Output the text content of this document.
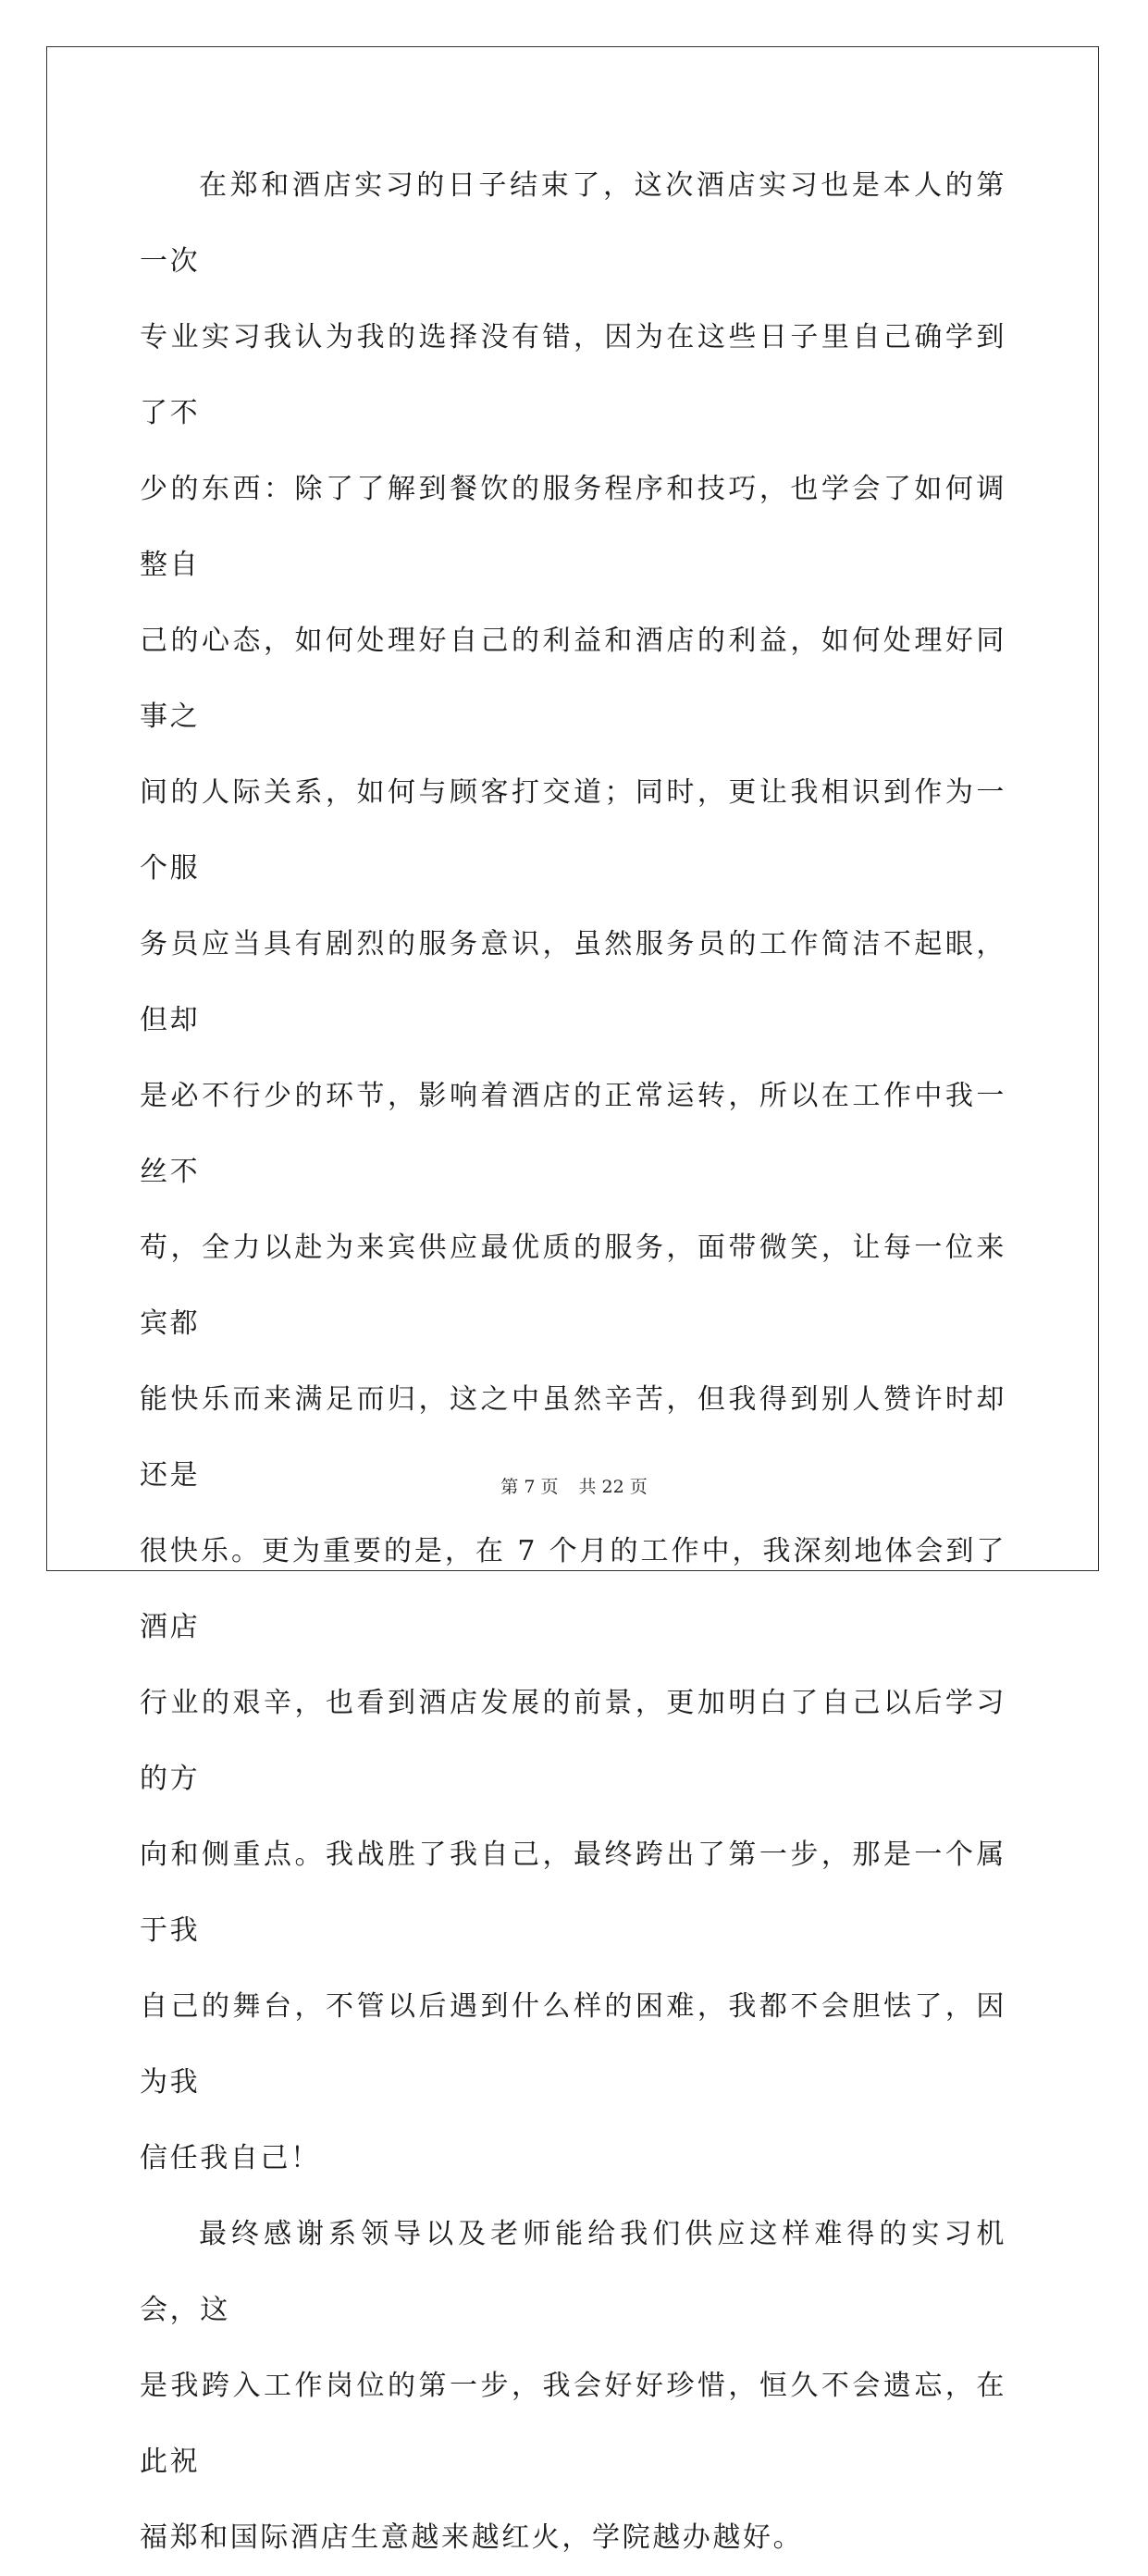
在郑和酒店实习的日子结束了，这次酒店实习也是本人的第一次
专业实习我认为我的选择没有错，因为在这些日子里自己确学到了不
少的东西：除了了解到餐饮的服务程序和技巧，也学会了如何调整自
己的心态，如何处理好自己的利益和酒店的利益，如何处理好同事之
间的人际关系，如何与顾客打交道；同时，更让我相识到作为一个服
务员应当具有剧烈的服务意识，虽然服务员的工作简洁不起眼，但却
是必不行少的环节，影响着酒店的正常运转，所以在工作中我一丝不
苟，全力以赴为来宾供应最优质的服务，面带微笑，让每一位来宾都
能快乐而来满足而归，这之中虽然辛苦，但我得到别人赞许时却还是
很快乐。更为重要的是，在 7 个月的工作中，我深刻地体会到了酒店
行业的艰辛，也看到酒店发展的前景，更加明白了自己以后学习的方
向和侧重点。我战胜了我自己，最终跨出了第一步，那是一个属于我
自己的舞台，不管以后遇到什么样的困难，我都不会胆怯了，因为我
信任我自己！

最终感谢系领导以及老师能给我们供应这样难得的实习机会，这
是我跨入工作岗位的第一步，我会好好珍惜，恒久不会遗忘，在此祝
福郑和国际酒店生意越来越红火，学院越办越好。

第 7 页 共 22 页
